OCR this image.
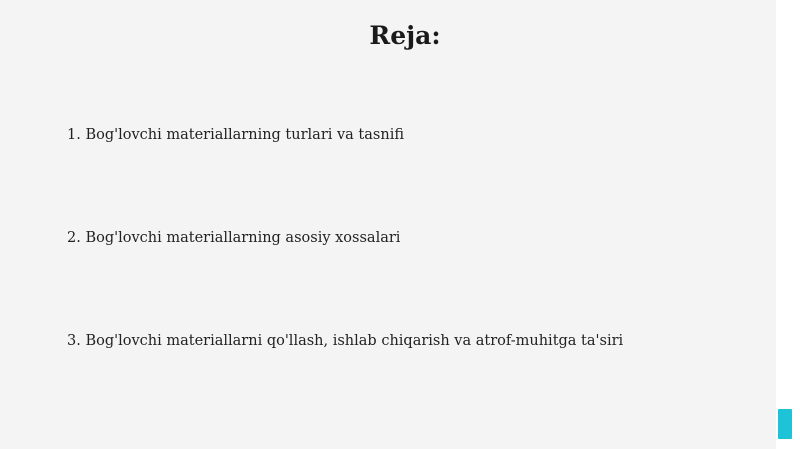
Reja:
1. Bog'lovchi materiallarning turlari va tasnifi
2. Bog'lovchi materiallarning asosiy xossalari
3. Bog'lovchi materiallarni qo'llash, ishlab chiqarish va atrof-muhitga ta'siri
